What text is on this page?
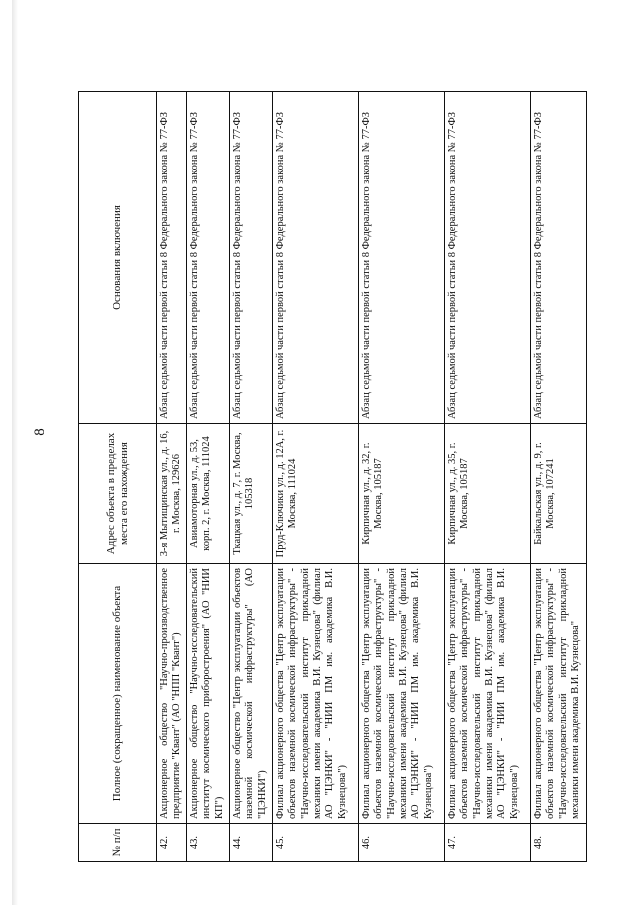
8
№ п/п	Полное (сокращенное) наименование объекта	Адрес объекта в пределах места его нахождения	Основания включения
42.	Акционерное общество "Научно-производственное предприятие "Квант" (АО "НПП "Квант")	3-я Мытищинская ул., д. 16, г. Москва, 129626	Абзац седьмой части первой статьи 8 Федерального закона № 77-ФЗ
43.	Акционерное общество "Научно-исследовательский институт космического приборостроения" (АО "НИИ КП")	Авиамоторная ул., д. 53, корп. 2, г. Москва, 111024	Абзац седьмой части первой статьи 8 Федерального закона № 77-ФЗ
44.	Акционерное общество "Центр эксплуатации объектов наземной космической инфраструктуры" (АО "ЦЭНКИ")	Ткацкая ул., д. 7, г. Москва, 105318	Абзац седьмой части первой статьи 8 Федерального закона № 77-ФЗ
45.	Филиал акционерного общества "Центр эксплуатации объектов наземной космической инфраструктуры" - "Научно-исследовательский институт прикладной механики имени академика В.И. Кузнецова" (филиал АО "ЦЭНКИ" - "НИИ ПМ им. академика В.И. Кузнецова")	Пруд-Ключики ул., д. 12А, г. Москва, 111024	Абзац седьмой части первой статьи 8 Федерального закона № 77-ФЗ
46.	Филиал акционерного общества "Центр эксплуатации объектов наземной космической инфраструктуры" - "Научно-исследовательский институт прикладной механики имени академика В.И. Кузнецова" (филиал АО "ЦЭНКИ" - "НИИ ПМ им. академика В.И. Кузнецова")	Кирпичная ул., д. 32, г. Москва, 105187	Абзац седьмой части первой статьи 8 Федерального закона № 77-ФЗ
47.	Филиал акционерного общества "Центр эксплуатации объектов наземной космической инфраструктуры" - "Научно-исследовательский институт прикладной механики имени академика В.И. Кузнецова" (филиал АО "ЦЭНКИ" - "НИИ ПМ им. академика В.И. Кузнецова")	Кирпичная ул., д. 35, г. Москва, 105187	Абзац седьмой части первой статьи 8 Федерального закона № 77-ФЗ
48.	Филиал акционерного общества "Центр эксплуатации объектов наземной космической инфраструктуры" - "Научно-исследовательский институт прикладной механики имени академика В.И. Кузнецова"	Байкальская ул., д. 9, г. Москва, 107241	Абзац седьмой части первой статьи 8 Федерального закона № 77-ФЗ
